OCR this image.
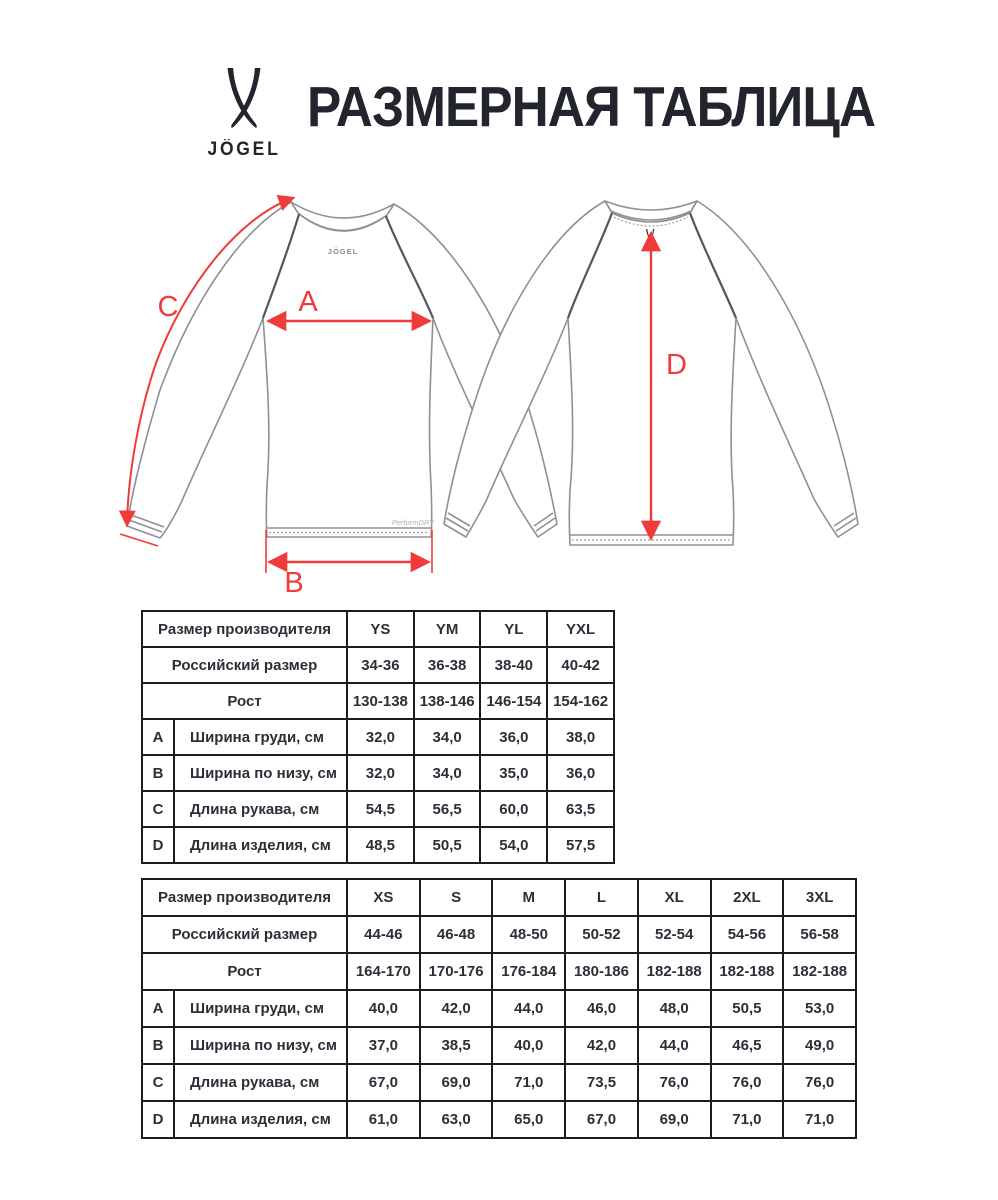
JÖGEL
РАЗМЕРНАЯ ТАБЛИЦА
JÖGEL
PerformDRY
A
C
B
D
Размер производителя		YS	YM	YL	YXL
Российский размер		34-36	36-38	38-40	40-42
Рост		130-138	138-146	146-154	154-162
A	Ширина груди, см	32,0	34,0	36,0	38,0
B	Ширина по низу, см	32,0	34,0	35,0	36,0
C	Длина рукава, см	54,5	56,5	60,0	63,5
D	Длина изделия, см	48,5	50,5	54,0	57,5
Размер производителя		XS	S	M	L	XL	2XL	3XL
Российский размер		44-46	46-48	48-50	50-52	52-54	54-56	56-58
Рост		164-170	170-176	176-184	180-186	182-188	182-188	182-188
A	Ширина груди, см	40,0	42,0	44,0	46,0	48,0	50,5	53,0
B	Ширина по низу, см	37,0	38,5	40,0	42,0	44,0	46,5	49,0
C	Длина рукава, см	67,0	69,0	71,0	73,5	76,0	76,0	76,0
D	Длина изделия, см	61,0	63,0	65,0	67,0	69,0	71,0	71,0
